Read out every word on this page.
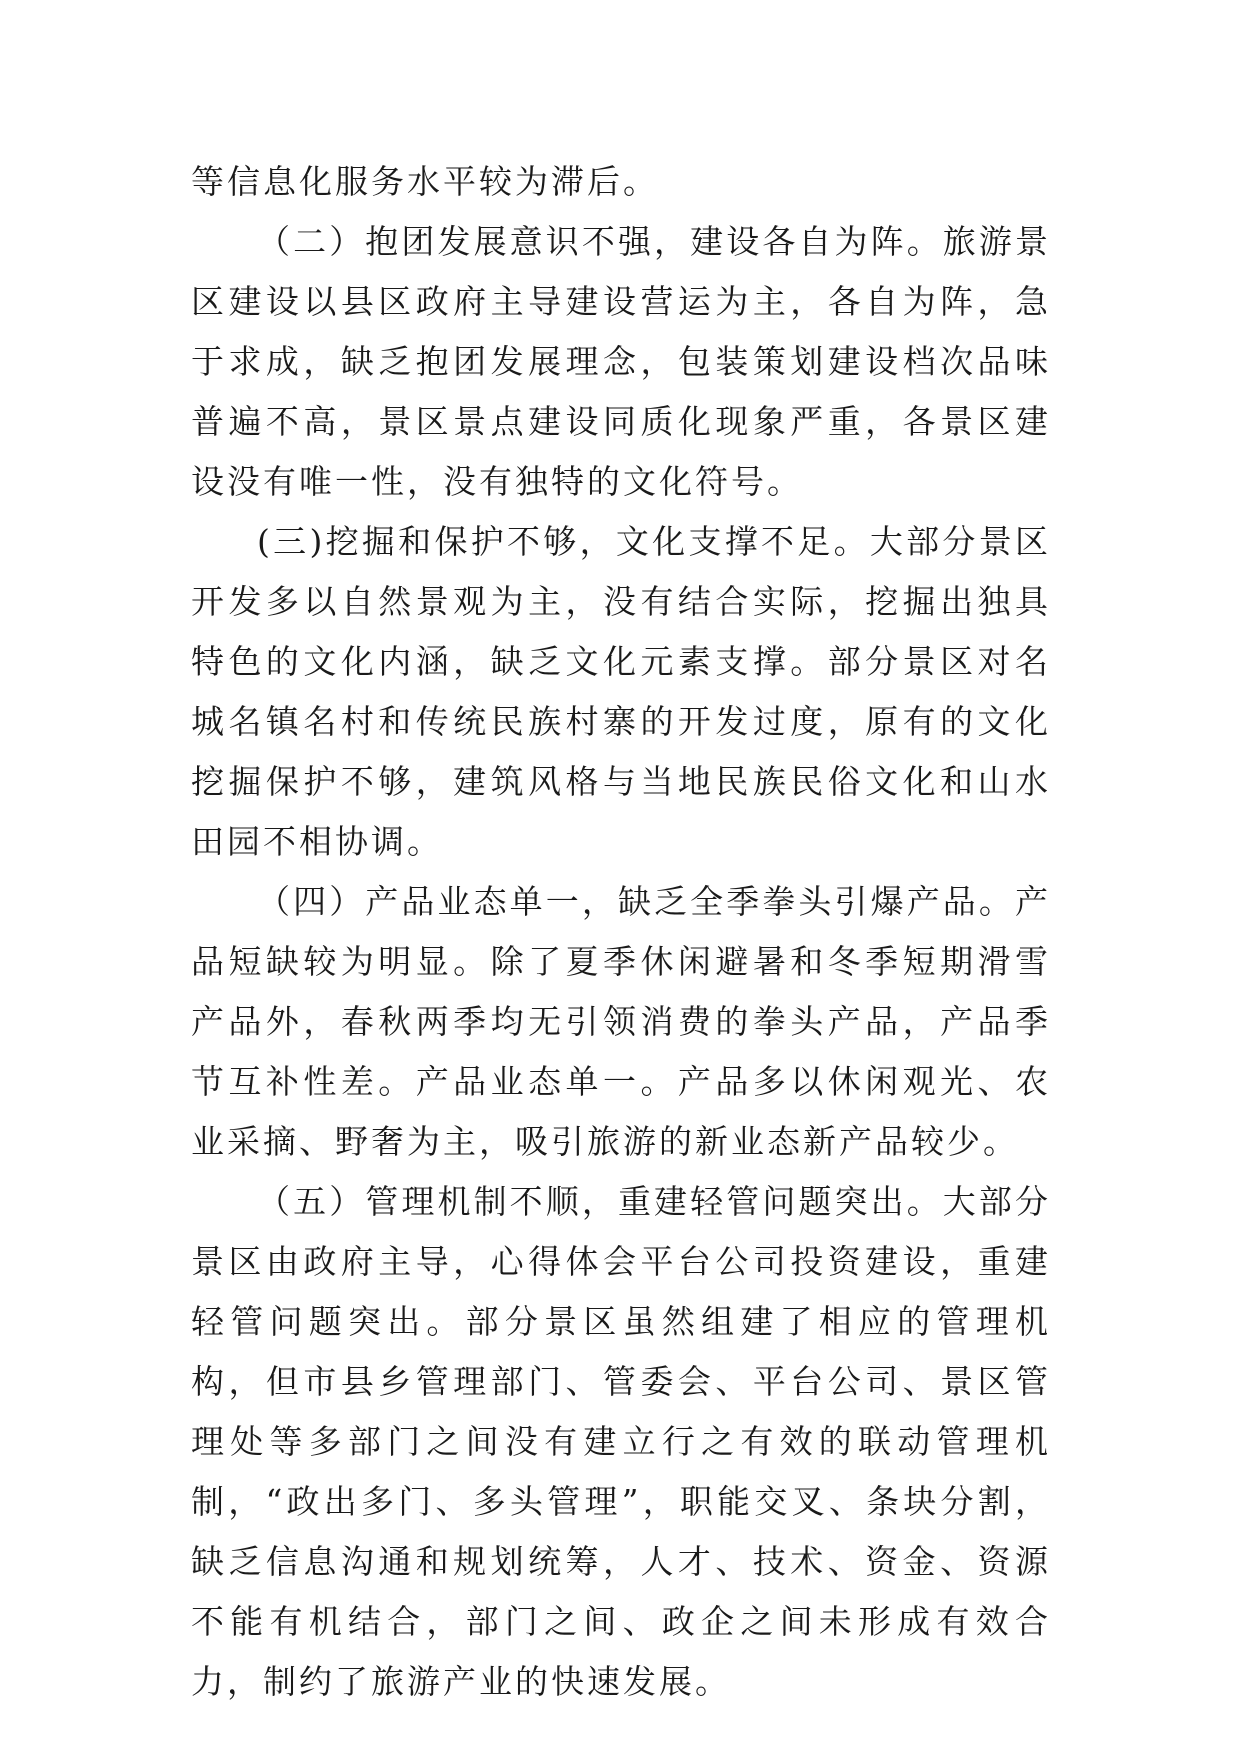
等信息化服务水平较为滞后。

（二）抱团发展意识不强，建设各自为阵。旅游景区建设以县区政府主导建设营运为主，各自为阵，急于求成，缺乏抱团发展理念，包装策划建设档次品味普遍不高，景区景点建设同质化现象严重，各景区建设没有唯一性，没有独特的文化符号。

(三)挖掘和保护不够，文化支撑不足。大部分景区开发多以自然景观为主，没有结合实际，挖掘出独具特色的文化内涵，缺乏文化元素支撑。部分景区对名城名镇名村和传统民族村寨的开发过度，原有的文化挖掘保护不够，建筑风格与当地民族民俗文化和山水田园不相协调。

（四）产品业态单一，缺乏全季拳头引爆产品。产品短缺较为明显。除了夏季休闲避暑和冬季短期滑雪产品外，春秋两季均无引领消费的拳头产品，产品季节互补性差。产品业态单一。产品多以休闲观光、农业采摘、野奢为主，吸引旅游的新业态新产品较少。

（五）管理机制不顺，重建轻管问题突出。大部分景区由政府主导，心得体会平台公司投资建设，重建轻管问题突出。部分景区虽然组建了相应的管理机构，但市县乡管理部门、管委会、平台公司、景区管理处等多部门之间没有建立行之有效的联动管理机制，“政出多门、多头管理”，职能交叉、条块分割，缺乏信息沟通和规划统筹，人才、技术、资金、资源不能有机结合，部门之间、政企之间未形成有效合力，制约了旅游产业的快速发展。
